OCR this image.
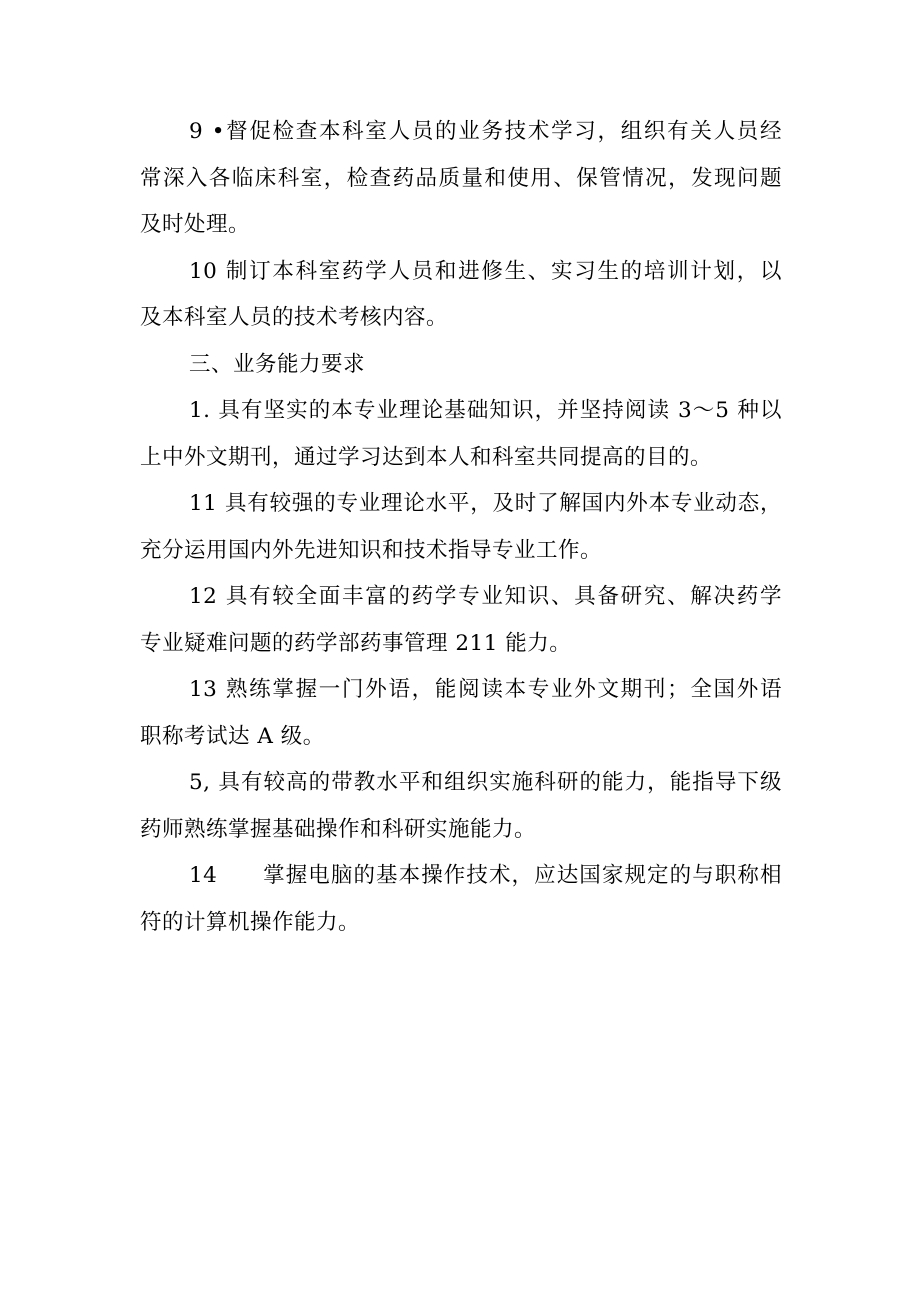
9 •督促检查本科室人员的业务技术学习，组织有关人员经
常深入各临床科室，检查药品质量和使用、保管情况，发现问题
及时处理。

10 制订本科室药学人员和进修生、实习生的培训计划，以
及本科室人员的技术考核内容。

三、业务能力要求

1. 具有坚实的本专业理论基础知识，并坚持阅读 3～5 种以
上中外文期刊，通过学习达到本人和科室共同提高的目的。

11 具有较强的专业理论水平，及时了解国内外本专业动态，
充分运用国内外先进知识和技术指导专业工作。

12 具有较全面丰富的药学专业知识、具备研究、解决药学
专业疑难问题的药学部药事管理 211 能力。

13 熟练掌握一门外语，能阅读本专业外文期刊；全国外语
职称考试达 A 级。

5, 具有较高的带教水平和组织实施科研的能力，能指导下级
药师熟练掌握基础操作和科研实施能力。

14　　掌握电脑的基本操作技术，应达国家规定的与职称相
符的计算机操作能力。
